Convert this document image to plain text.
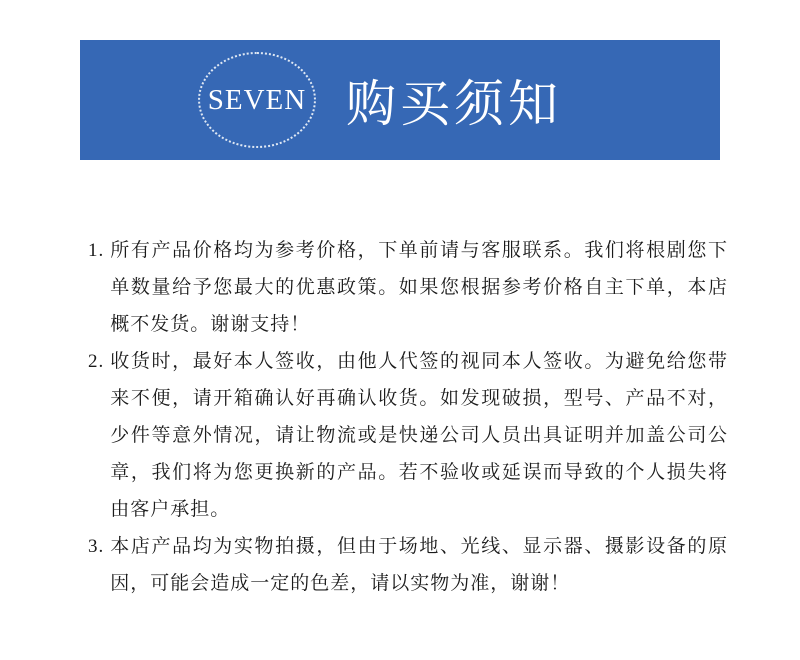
SEVEN 购买须知
1. 所有产品价格均为参考价格，下单前请与客服联系。我们将根剧您下单数量给予您最大的优惠政策。如果您根据参考价格自主下单，本店概不发货。谢谢支持！
2. 收货时，最好本人签收，由他人代签的视同本人签收。为避免给您带来不便，请开箱确认好再确认收货。如发现破损，型号、产品不对，少件等意外情况，请让物流或是快递公司人员出具证明并加盖公司公章，我们将为您更换新的产品。若不验收或延误而导致的个人损失将由客户承担。
3. 本店产品均为实物拍摄，但由于场地、光线、显示器、摄影设备的原因，可能会造成一定的色差，请以实物为准，谢谢！
